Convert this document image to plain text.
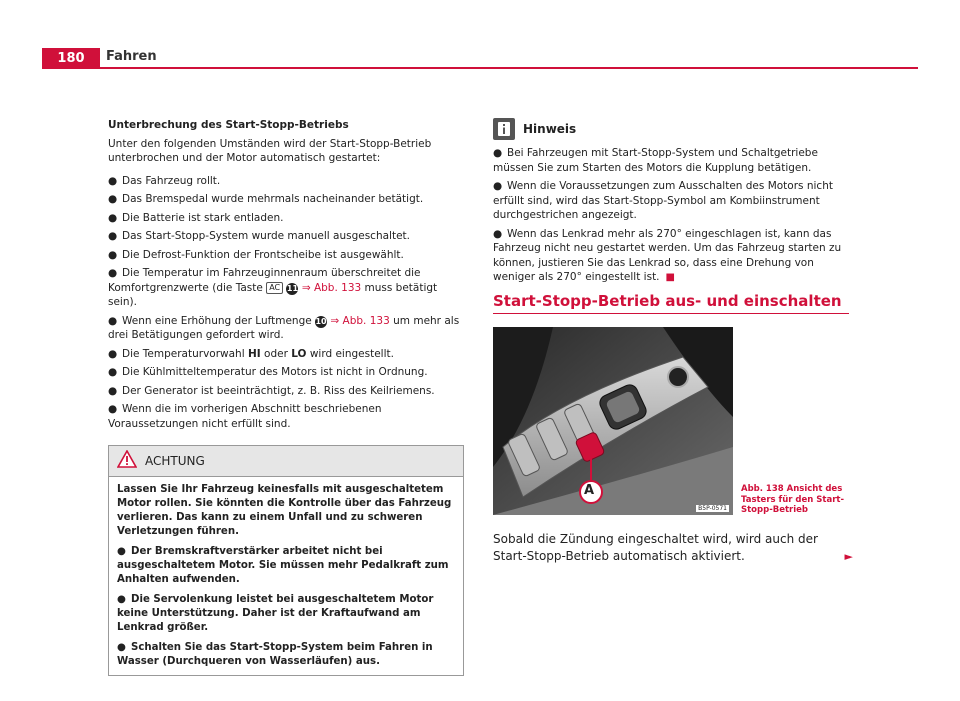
180	Fahren
Unterbrechung des Start-Stopp-Betriebs

Unter den folgenden Umständen wird der Start-Stopp-Betrieb unterbrochen und der Motor automatisch gestartet:

● Das Fahrzeug rollt.
● Das Bremspedal wurde mehrmals nacheinander betätigt.
● Die Batterie ist stark entladen.
● Das Start-Stopp-System wurde manuell ausgeschaltet.
● Die Defrost-Funktion der Frontscheibe ist ausgewählt.
● Die Temperatur im Fahrzeuginnenraum überschreitet die Komfortgrenzwerte (die Taste AC 11 ⇒ Abb. 133 muss betätigt sein).
● Wenn eine Erhöhung der Luftmenge 10 ⇒ Abb. 133 um mehr als drei Betätigungen gefordert wird.
● Die Temperaturvorwahl HI oder LO wird eingestellt.
● Die Kühlmitteltemperatur des Motors ist nicht in Ordnung.
● Der Generator ist beeinträchtigt, z. B. Riss des Keilriemens.
● Wenn die im vorherigen Abschnitt beschriebenen Voraussetzungen nicht erfüllt sind.
ACHTUNG

Lassen Sie Ihr Fahrzeug keinesfalls mit ausgeschaltetem Motor rollen. Sie könnten die Kontrolle über das Fahrzeug verlieren. Das kann zu einem Unfall und zu schweren Verletzungen führen.

● Der Bremskraftverstärker arbeitet nicht bei ausgeschaltetem Motor. Sie müssen mehr Pedalkraft zum Anhalten aufwenden.

● Die Servolenkung leistet bei ausgeschaltetem Motor keine Unterstützung. Daher ist der Kraftaufwand am Lenkrad größer.

● Schalten Sie das Start-Stopp-System beim Fahren in Wasser (Durchqueren von Wasserläufen) aus.

Hinweis
● Bei Fahrzeugen mit Start-Stopp-System und Schaltgetriebe müssen Sie zum Starten des Motors die Kupplung betätigen.
● Wenn die Voraussetzungen zum Ausschalten des Motors nicht erfüllt sind, wird das Start-Stopp-Symbol am Kombiinstrument durchgestrichen angezeigt.
● Wenn das Lenkrad mehr als 270° eingeschlagen ist, kann das Fahrzeug nicht neu gestartet werden. Um das Fahrzeug starten zu können, justieren Sie das Lenkrad so, dass eine Drehung von weniger als 270° eingestellt ist. ■
Start-Stopp-Betrieb aus- und einschalten
A
B5P-0571
Abb. 138 Ansicht des Tasters für den Start-Stopp-Betrieb
Sobald die Zündung eingeschaltet wird, wird auch der Start-Stopp-Betrieb automatisch aktiviert.	►
